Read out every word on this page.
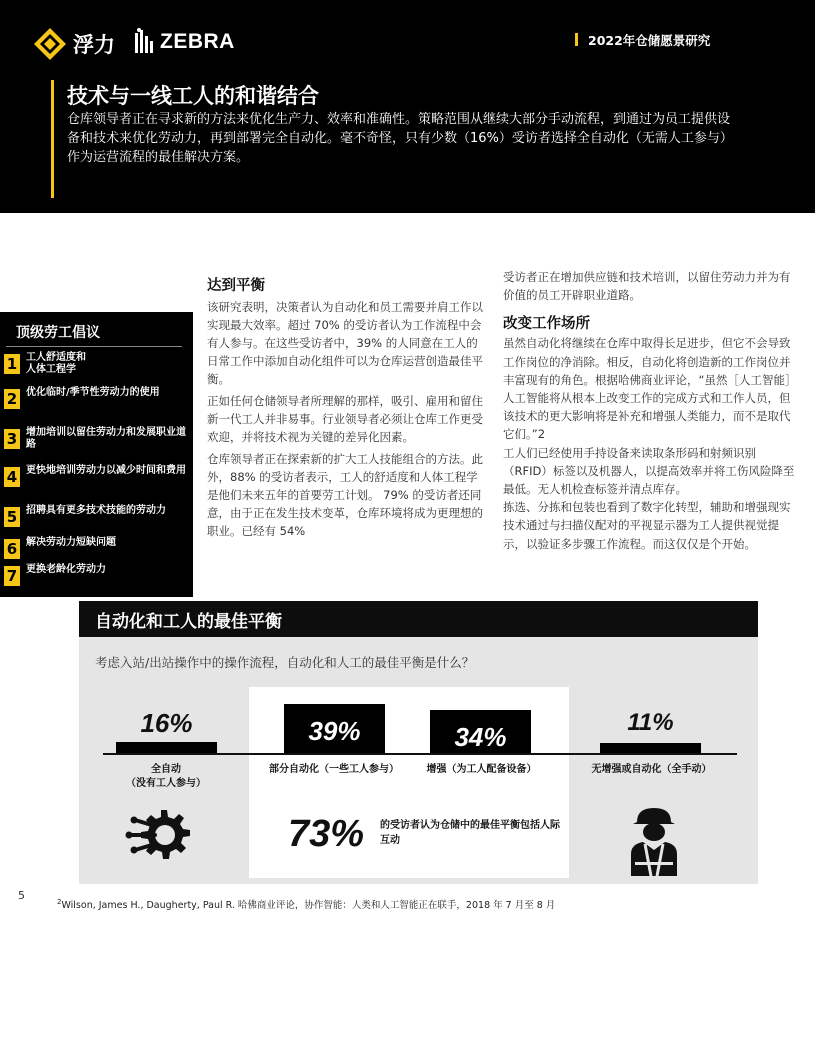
浮力 ZEBRA	2022年仓储愿景研究
技术与一线工人的和谐结合
仓库领导者正在寻求新的方法来优化生产力、效率和准确性。策略范围从继续大部分手动流程，到通过为员工提供设备和技术来优化劳动力，再到部署完全自动化。毫不奇怪，只有少数（16%）受访者选择全自动化（无需人工参与）作为运营流程的最佳解决方案。
顶级劳工倡议
1 工人舒适度和
人体工程学
2 优化临时/季节性劳动力的使用
3 增加培训以留住劳动力和发展职业道路
4 更快地培训劳动力以减少时间和费用
5 招聘具有更多技术技能的劳动力
6 解决劳动力短缺问题
7 更换老龄化劳动力
达到平衡

该研究表明，决策者认为自动化和员工需要并肩工作以实现最大效率。超过 70% 的受访者认为工作流程中会有人参与。在这些受访者中，39% 的人同意在工人的日常工作中添加自动化组件可以为仓库运营创造最佳平衡。

正如任何仓储领导者所理解的那样，吸引、雇用和留住新一代工人并非易事。行业领导者必须让仓库工作更受欢迎，并将技术视为关键的差异化因素。

仓库领导者正在探索新的扩大工人技能组合的方法。此外，88% 的受访者表示，工人的舒适度和人体工程学是他们未来五年的首要劳工计划。 79% 的受访者还同意，由于正在发生技术变革，仓库环境将成为更理想的职业。已经有 54%

受访者正在增加供应链和技术培训，以留住劳动力并为有价值的员工开辟职业道路。

改变工作场所

虽然自动化将继续在仓库中取得长足进步，但它不会导致工作岗位的净消除。相反，自动化将创造新的工作岗位并丰富现有的角色。根据哈佛商业评论，“虽然［人工智能］人工智能将从根本上改变工作的完成方式和工作人员，但该技术的更大影响将是补充和增强人类能力，而不是取代它们。”2

工人们已经使用手持设备来读取条形码和射频识别（RFID）标签以及机器人，以提高效率并将工伤风险降至最低。无人机检查标签并清点库存。

拣选、分拣和包装也看到了数字化转型，辅助和增强现实技术通过与扫描仪配对的平视显示器为工人提供视觉提示，以验证多步骤工作流程。而这仅仅是个开始。

自动化和工人的最佳平衡
考虑入站/出站操作中的操作流程，自动化和人工的最佳平衡是什么？
16%
全自动
（没有工人参与）
39%
部分自动化（一些工人参与）
34%
增强（为工人配备设备）
11%
无增强或自动化（全手动）
73% 的受访者认为仓储中的最佳平衡包括人际互动
5	$^2$Wilson, James H., Daugherty, Paul R. 哈佛商业评论，协作智能：人类和人工智能正在联手，2018 年 7 月至 8 月
